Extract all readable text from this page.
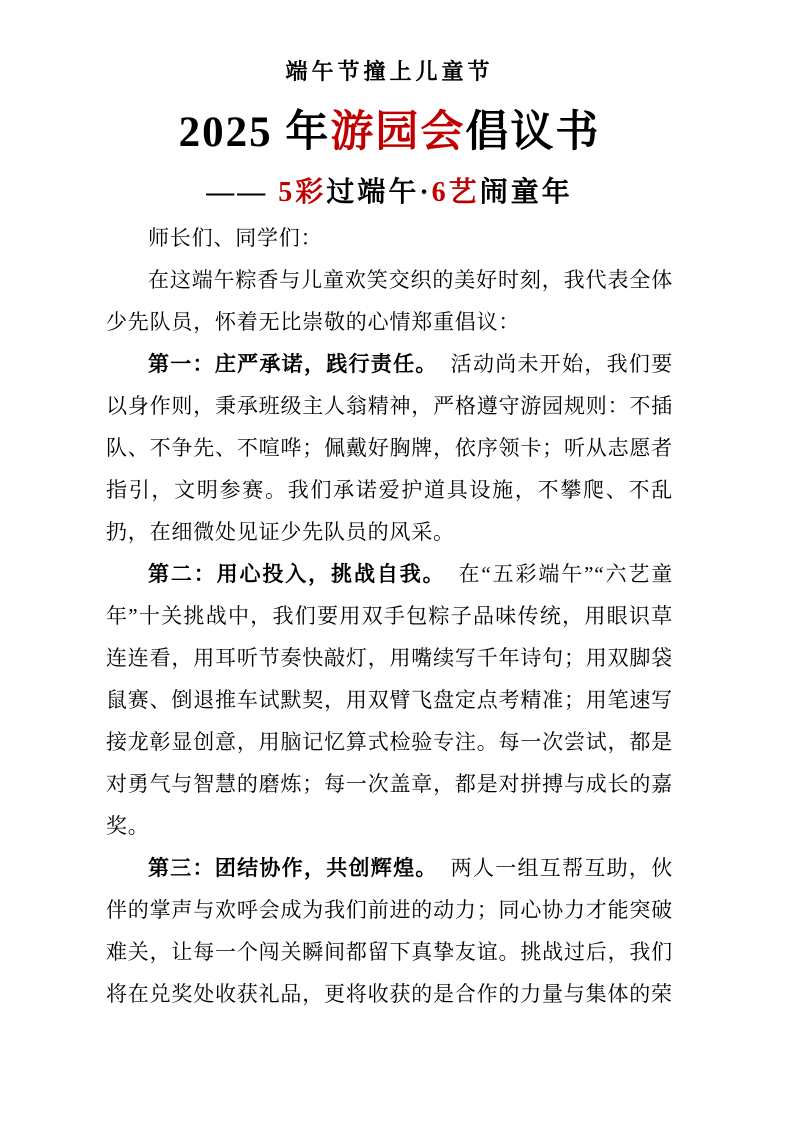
端午节撞上儿童节
2025 年游园会倡议书
—— 5彩过端午·6艺闹童年

师长们、同学们：

在这端午粽香与儿童欢笑交织的美好时刻，我代表全体少先队员，怀着无比崇敬的心情郑重倡议：

第一：庄严承诺，践行责任。 活动尚未开始，我们要以身作则，秉承班级主人翁精神，严格遵守游园规则：不插队、不争先、不喧哗；佩戴好胸牌，依序领卡；听从志愿者指引，文明参赛。我们承诺爱护道具设施，不攀爬、不乱扔，在细微处见证少先队员的风采。

第二：用心投入，挑战自我。 在“五彩端午”“六艺童年”十关挑战中，我们要用双手包粽子品味传统，用眼识草连连看，用耳听节奏快敲灯，用嘴续写千年诗句；用双脚袋鼠赛、倒退推车试默契，用双臂飞盘定点考精准；用笔速写接龙彰显创意，用脑记忆算式检验专注。每一次尝试，都是对勇气与智慧的磨炼；每一次盖章，都是对拼搏与成长的嘉奖。

第三：团结协作，共创辉煌。 两人一组互帮互助，伙伴的掌声与欢呼会成为我们前进的动力；同心协力才能突破难关，让每一个闯关瞬间都留下真挚友谊。挑战过后，我们将在兑奖处收获礼品，更将收获的是合作的力量与集体的荣
